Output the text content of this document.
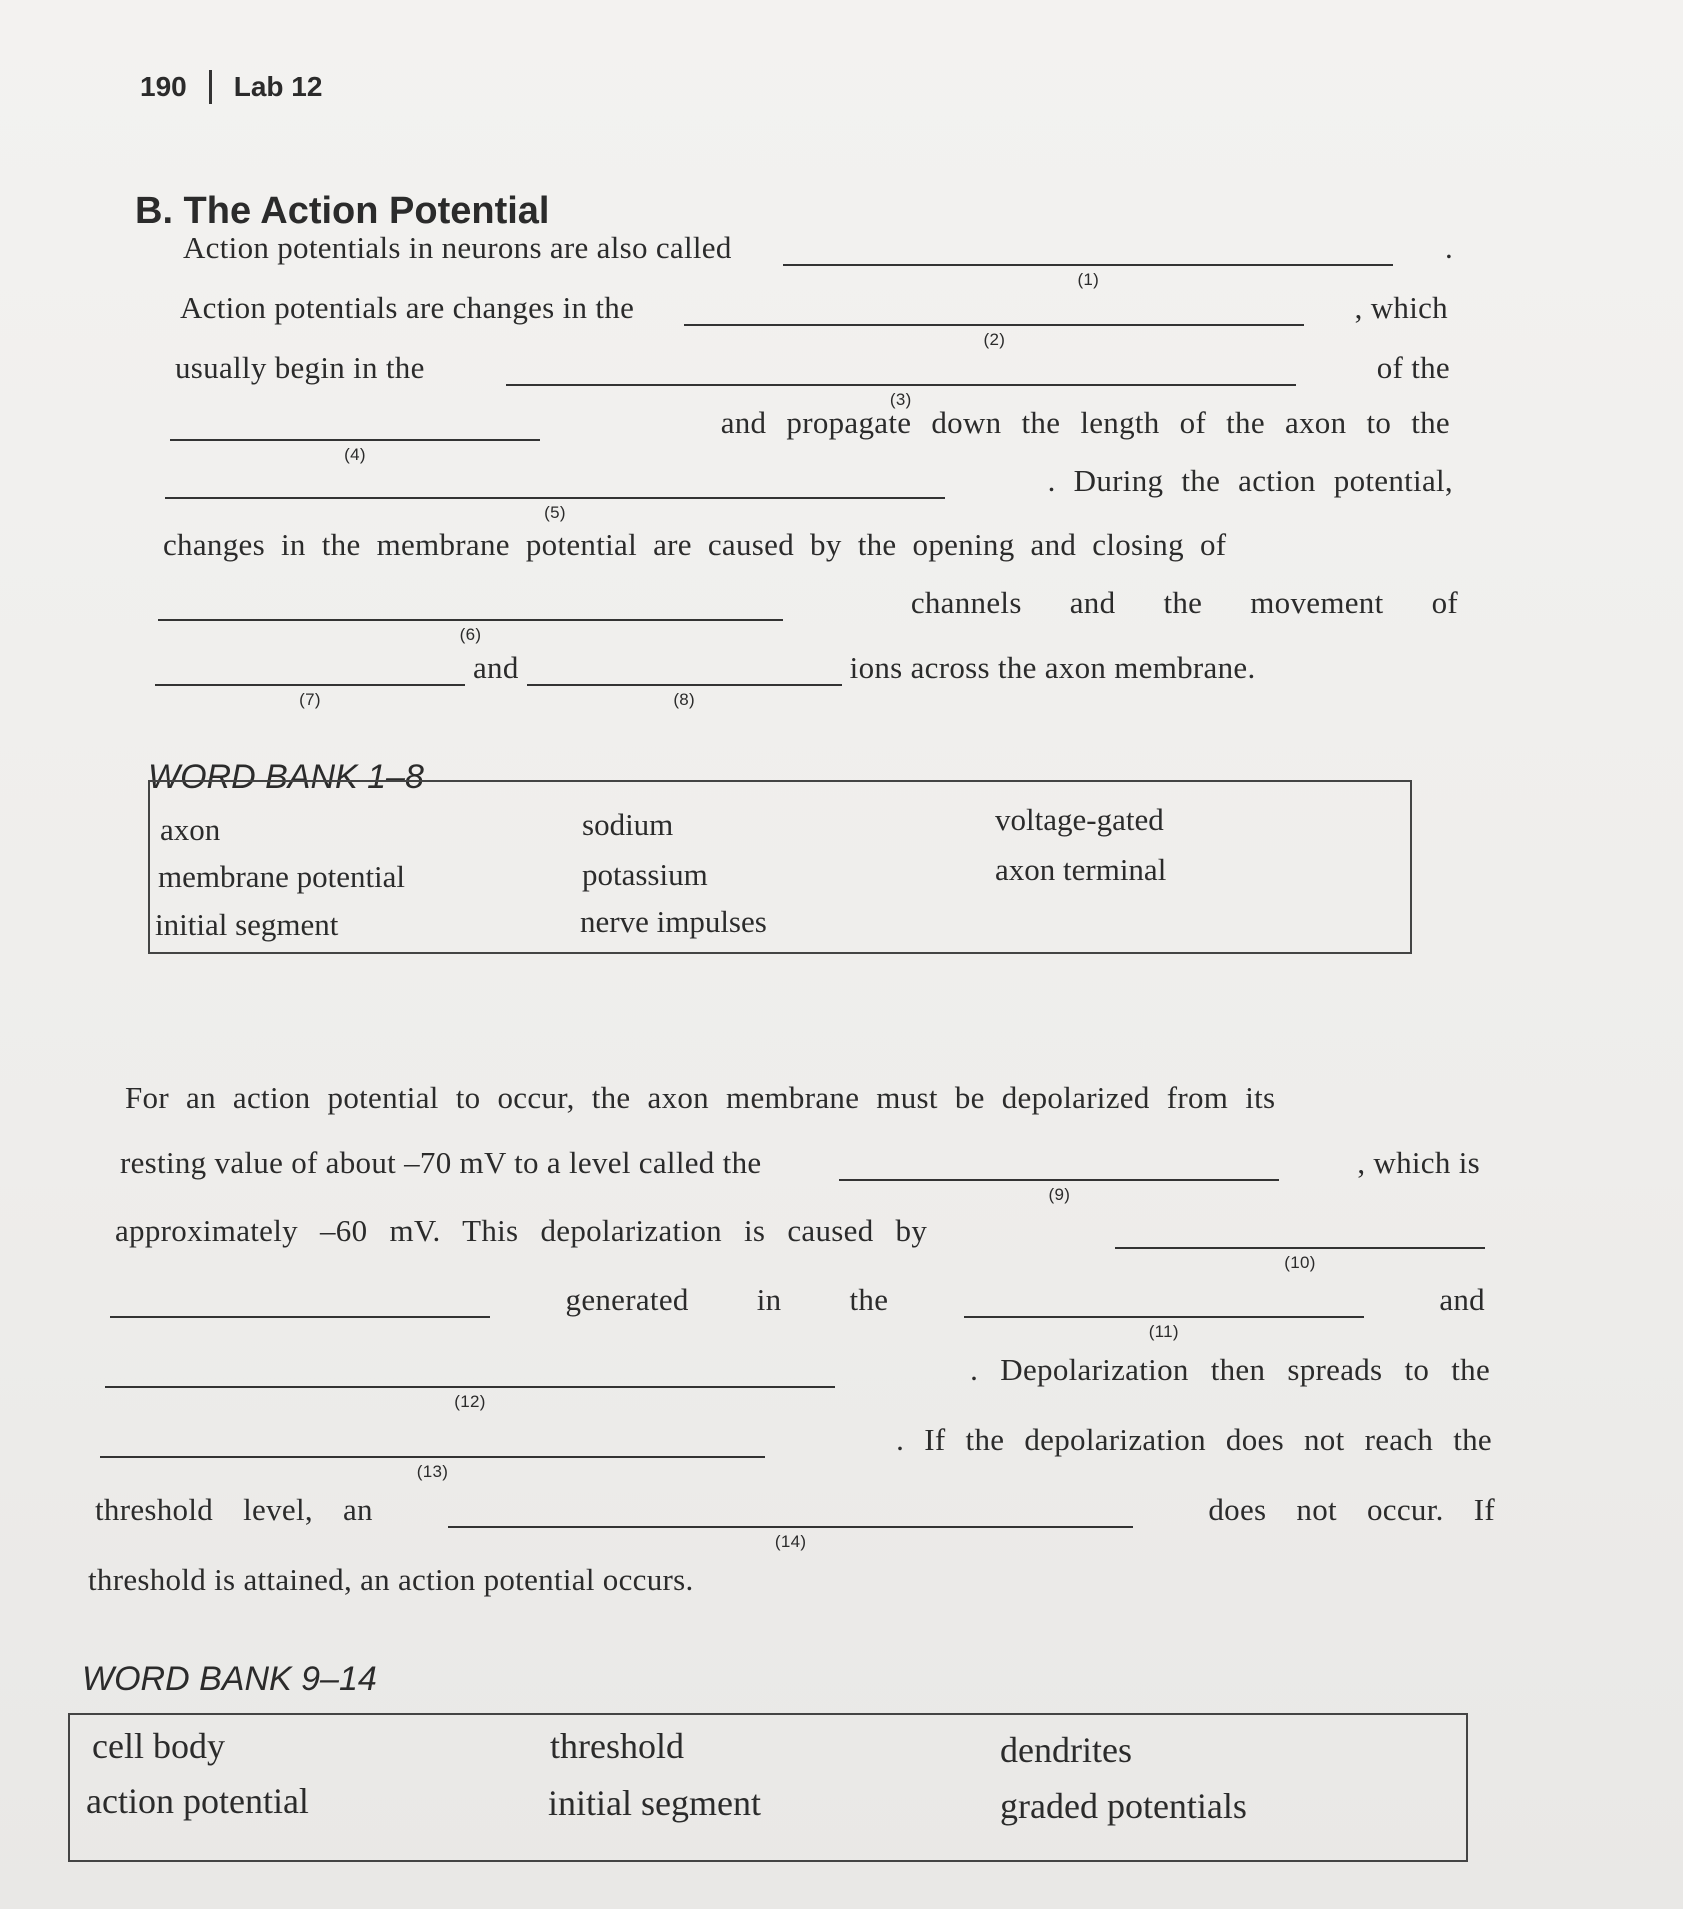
190 Lab 12
B. The Action Potential
Action potentials in neurons are also called
(1)
.
Action potentials are changes in the
(2)
, which
usually begin in the
(3)
of the
(4)
and propagate down the length of the axon to the
(5)
. During the action potential,
changes in the membrane potential are caused by the opening and closing of
(6)
channels and the movement of
(7)
and
(8)
ions across the axon membrane.
WORD BANK 1–8
axon	sodium	voltage-gated
membrane potential	potassium	axon terminal
initial segment	nerve impulses
For an action potential to occur, the axon membrane must be depolarized from its
resting value of about –70 mV to a level called the
(9)
, which is
approximately –60 mV. This depolarization is caused by
(10)
generated in the
(11)
and
(12)
. Depolarization then spreads to the
(13)
. If the depolarization does not reach the
threshold level, an
(14)
does not occur. If
threshold is attained, an action potential occurs.
WORD BANK 9–14
cell body	threshold	dendrites
action potential	initial segment	graded potentials
